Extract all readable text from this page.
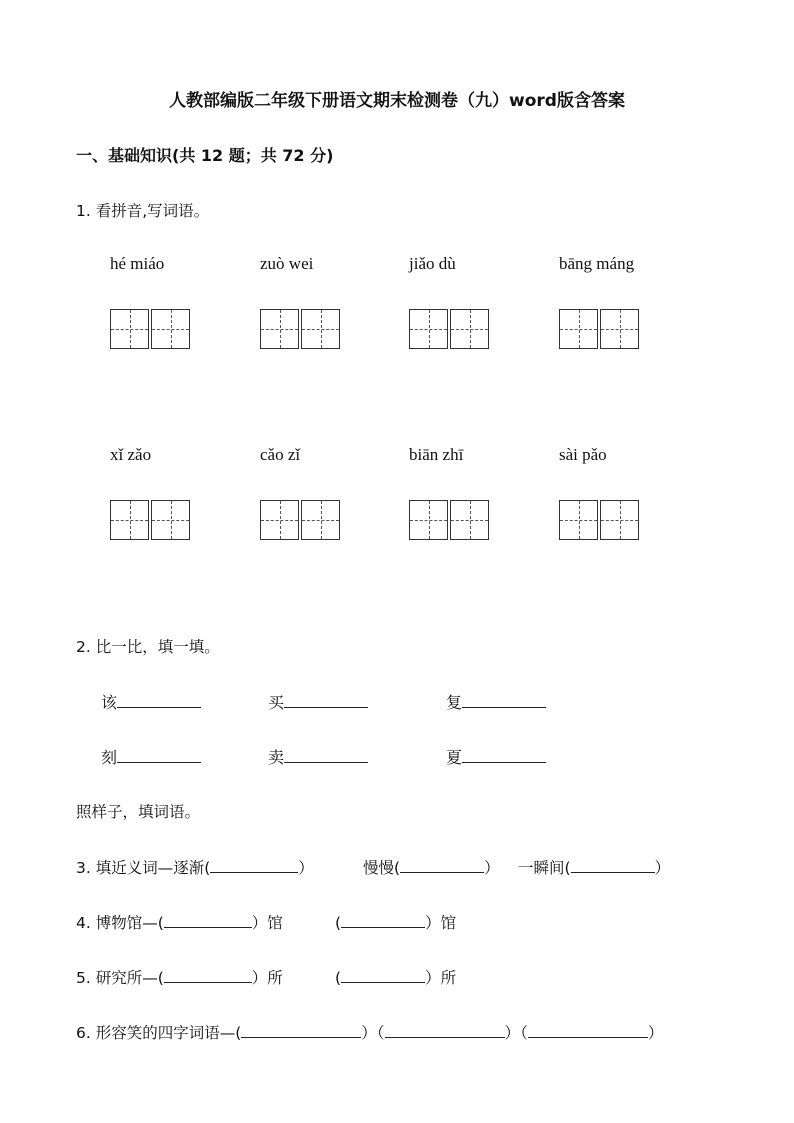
人教部编版二年级下册语文期末检测卷（九）word版含答案
一、基础知识(共 12 题；共 72 分)
1. 看拼音,写词语。
hé miáo	zuò wei	jiǎo dù	bāng máng
xǐ zǎo	cǎo zǐ	biān zhī	sài pǎo
2. 比一比，填一填。
该	买	复
刻	卖	夏
照样子，填词语。
3. 填近义词—逐渐(	）	慢慢(	） 一瞬间(	）
4. 博物馆—(	）馆	(	）馆
5. 研究所—(	）所	(	）所
6. 形容笑的四字词语—(	）（	）（	）
